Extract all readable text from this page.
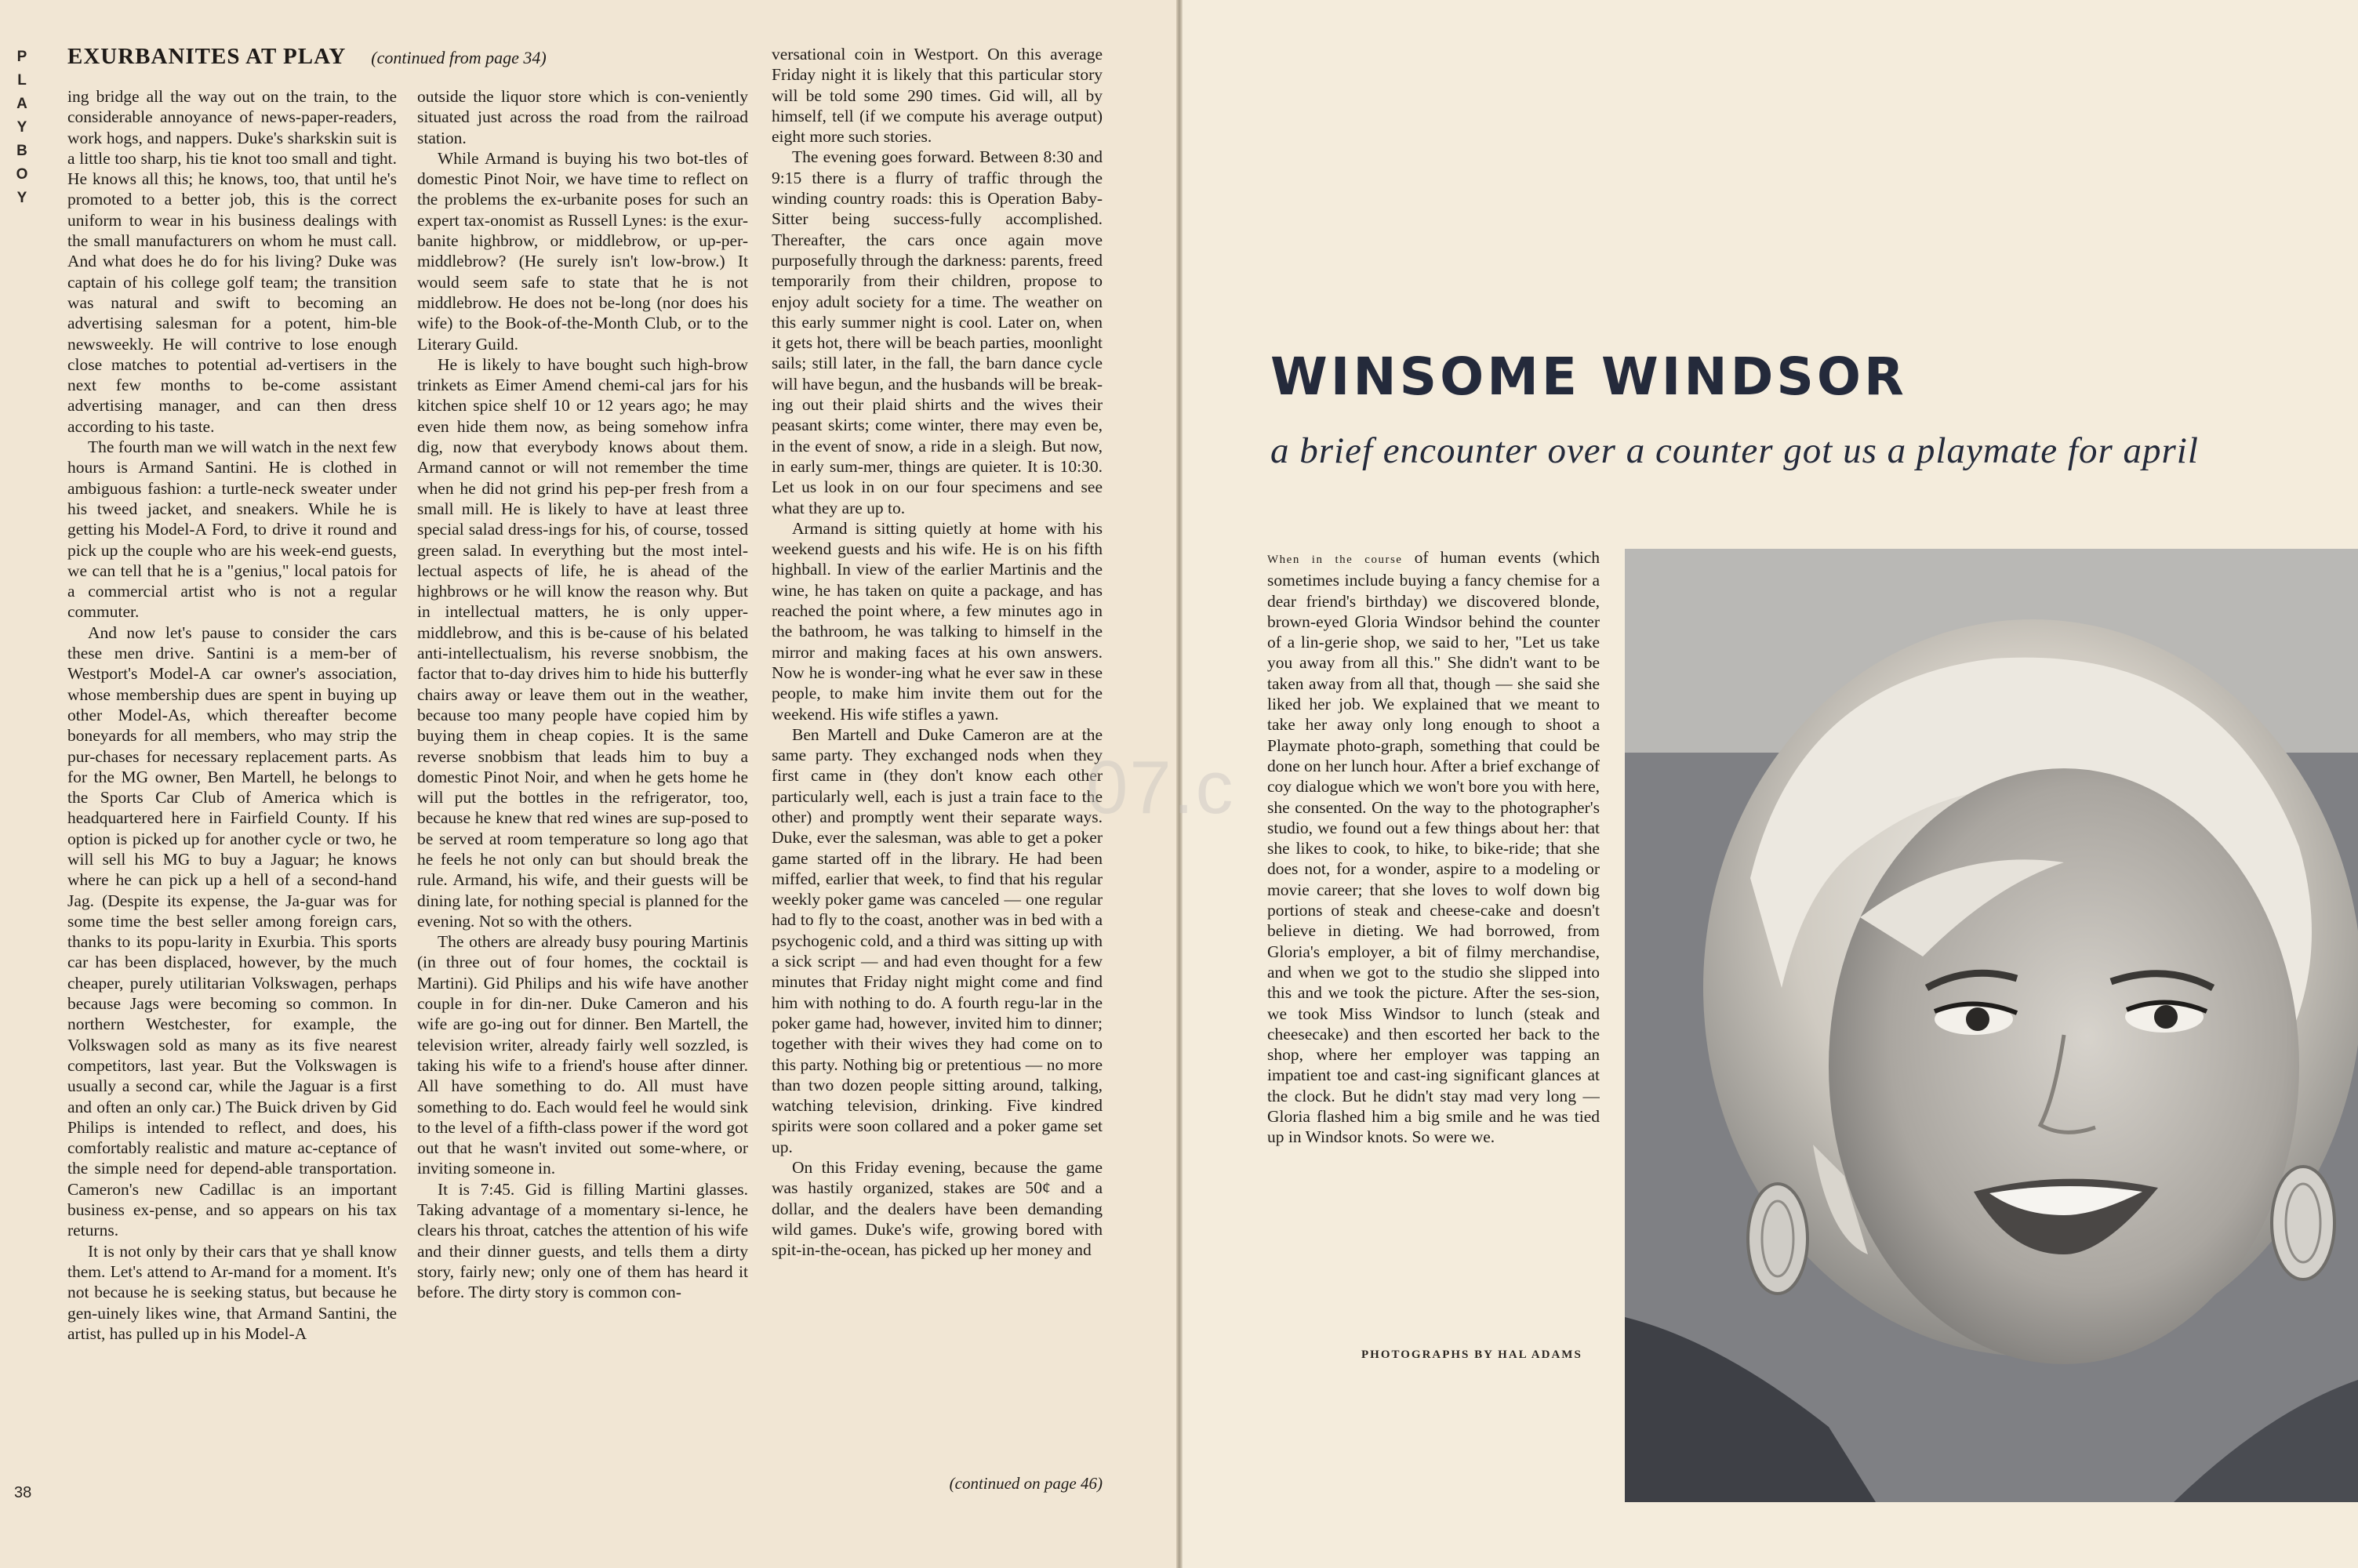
P
L
A
Y
B
O
Y
EXURBANITES AT PLAY (continued from page 34)

ing bridge all the way out on the train, to the considerable annoyance of news-paper-readers, work hogs, and nappers. Duke's sharkskin suit is a little too sharp, his tie knot too small and tight. He knows all this; he knows, too, that until he's promoted to a better job, this is the correct uniform to wear in his business dealings with the small manufacturers on whom he must call. And what does he do for his living? Duke was captain of his college golf team; the transition was natural and swift to becoming an advertising salesman for a potent, him-ble newsweekly. He will contrive to lose enough close matches to potential ad-vertisers in the next few months to be-come assistant advertising manager, and can then dress according to his taste.

The fourth man we will watch in the next few hours is Armand Santini. He is clothed in ambiguous fashion: a turtle-neck sweater under his tweed jacket, and sneakers. While he is getting his Model-A Ford, to drive it round and pick up the couple who are his week-end guests, we can tell that he is a "genius," local patois for a commercial artist who is not a regular commuter.

And now let's pause to consider the cars these men drive. Santini is a mem-ber of Westport's Model-A car owner's association, whose membership dues are spent in buying up other Model-As, which thereafter become boneyards for all members, who may strip the pur-chases for necessary replacement parts. As for the MG owner, Ben Martell, he belongs to the Sports Car Club of America which is headquartered here in Fairfield County. If his option is picked up for another cycle or two, he will sell his MG to buy a Jaguar; he knows where he can pick up a hell of a second-hand Jag. (Despite its expense, the Ja-guar was for some time the best seller among foreign cars, thanks to its popu-larity in Exurbia. This sports car has been displaced, however, by the much cheaper, purely utilitarian Volkswagen, perhaps because Jags were becoming so common. In northern Westchester, for example, the Volkswagen sold as many as its five nearest competitors, last year. But the Volkswagen is usually a second car, while the Jaguar is a first and often an only car.) The Buick driven by Gid Philips is intended to reflect, and does, his comfortably realistic and mature ac-ceptance of the simple need for depend-able transportation. Cameron's new Cadillac is an important business ex-pense, and so appears on his tax returns.

It is not only by their cars that ye shall know them. Let's attend to Ar-mand for a moment. It's not because he is seeking status, but because he gen-uinely likes wine, that Armand Santini, the artist, has pulled up in his Model-A

outside the liquor store which is con-veniently situated just across the road from the railroad station.

While Armand is buying his two bot-tles of domestic Pinot Noir, we have time to reflect on the problems the ex-urbanite poses for such an expert tax-onomist as Russell Lynes: is the exur-banite highbrow, or middlebrow, or up-per-middlebrow? (He surely isn't low-brow.) It would seem safe to state that he is not middlebrow. He does not be-long (nor does his wife) to the Book-of-the-Month Club, or to the Literary Guild.

He is likely to have bought such high-brow trinkets as Eimer Amend chemi-cal jars for his kitchen spice shelf 10 or 12 years ago; he may even hide them now, as being somehow infra dig, now that everybody knows about them. Armand cannot or will not remember the time when he did not grind his pep-per fresh from a small mill. He is likely to have at least three special salad dress-ings for his, of course, tossed green salad. In everything but the most intel-lectual aspects of life, he is ahead of the highbrows or he will know the reason why. But in intellectual matters, he is only upper-middlebrow, and this is be-cause of his belated anti-intellectualism, his reverse snobbism, the factor that to-day drives him to hide his butterfly chairs away or leave them out in the weather, because too many people have copied him by buying them in cheap copies. It is the same reverse snobbism that leads him to buy a domestic Pinot Noir, and when he gets home he will put the bottles in the refrigerator, too, because he knew that red wines are sup-posed to be served at room temperature so long ago that he feels he not only can but should break the rule. Armand, his wife, and their guests will be dining late, for nothing special is planned for the evening. Not so with the others.

The others are already busy pouring Martinis (in three out of four homes, the cocktail is Martini). Gid Philips and his wife have another couple in for din-ner. Duke Cameron and his wife are go-ing out for dinner. Ben Martell, the television writer, already fairly well sozzled, is taking his wife to a friend's house after dinner. All have something to do. All must have something to do. Each would feel he would sink to the level of a fifth-class power if the word got out that he wasn't invited out some-where, or inviting someone in.

It is 7:45. Gid is filling Martini glasses. Taking advantage of a momentary si-lence, he clears his throat, catches the attention of his wife and their dinner guests, and tells them a dirty story, fairly new; only one of them has heard it before. The dirty story is common con-

versational coin in Westport. On this average Friday night it is likely that this particular story will be told some 290 times. Gid will, all by himself, tell (if we compute his average output) eight more such stories.

The evening goes forward. Between 8:30 and 9:15 there is a flurry of traffic through the winding country roads: this is Operation Baby-Sitter being success-fully accomplished. Thereafter, the cars once again move purposefully through the darkness: parents, freed temporarily from their children, propose to enjoy adult society for a time. The weather on this early summer night is cool. Later on, when it gets hot, there will be beach parties, moonlight sails; still later, in the fall, the barn dance cycle will have begun, and the husbands will be break-ing out their plaid shirts and the wives their peasant skirts; come winter, there may even be, in the event of snow, a ride in a sleigh. But now, in early sum-mer, things are quieter. It is 10:30. Let us look in on our four specimens and see what they are up to.

Armand is sitting quietly at home with his weekend guests and his wife. He is on his fifth highball. In view of the earlier Martinis and the wine, he has taken on quite a package, and has reached the point where, a few minutes ago in the bathroom, he was talking to himself in the mirror and making faces at his own answers. Now he is wonder-ing what he ever saw in these people, to make him invite them out for the weekend. His wife stifles a yawn.

Ben Martell and Duke Cameron are at the same party. They exchanged nods when they first came in (they don't know each other particularly well, each is just a train face to the other) and promptly went their separate ways. Duke, ever the salesman, was able to get a poker game started off in the library. He had been miffed, earlier that week, to find that his regular weekly poker game was canceled — one regular had to fly to the coast, another was in bed with a psychogenic cold, and a third was sitting up with a sick script — and had even thought for a few minutes that Friday night might come and find him with nothing to do. A fourth regu-lar in the poker game had, however, invited him to dinner; together with their wives they had come on to this party. Nothing big or pretentious — no more than two dozen people sitting around, talking, watching television, drinking. Five kindred spirits were soon collared and a poker game set up.

On this Friday evening, because the game was hastily organized, stakes are 50¢ and a dollar, and the dealers have been demanding wild games. Duke's wife, growing bored with spit-in-the-ocean, has picked up her money and

(continued on page 46)
38
WINSOME WINDSOR
a brief encounter over a counter got us a playmate for april

When in the course of human events (which sometimes include buying a fancy chemise for a dear friend's birthday) we discovered blonde, brown-eyed Gloria Windsor behind the counter of a lin-gerie shop, we said to her, "Let us take you away from all this." She didn't want to be taken away from all that, though — she said she liked her job. We explained that we meant to take her away only long enough to shoot a Playmate photo-graph, something that could be done on her lunch hour. After a brief exchange of coy dialogue which we won't bore you with here, she consented. On the way to the photographer's studio, we found out a few things about her: that she likes to cook, to hike, to bike-ride; that she does not, for a wonder, aspire to a modeling or movie career; that she loves to wolf down big portions of steak and cheese-cake and doesn't believe in dieting. We had borrowed, from Gloria's employer, a bit of filmy merchandise, and when we got to the studio she slipped into this and we took the picture. After the ses-sion, we took Miss Windsor to lunch (steak and cheesecake) and then escorted her back to the shop, where her employer was tapping an impatient toe and cast-ing significant glances at the clock. But he didn't stay mad very long — Gloria flashed him a big smile and he was tied up in Windsor knots. So were we.

PHOTOGRAPHS BY HAL ADAMS
07.c
